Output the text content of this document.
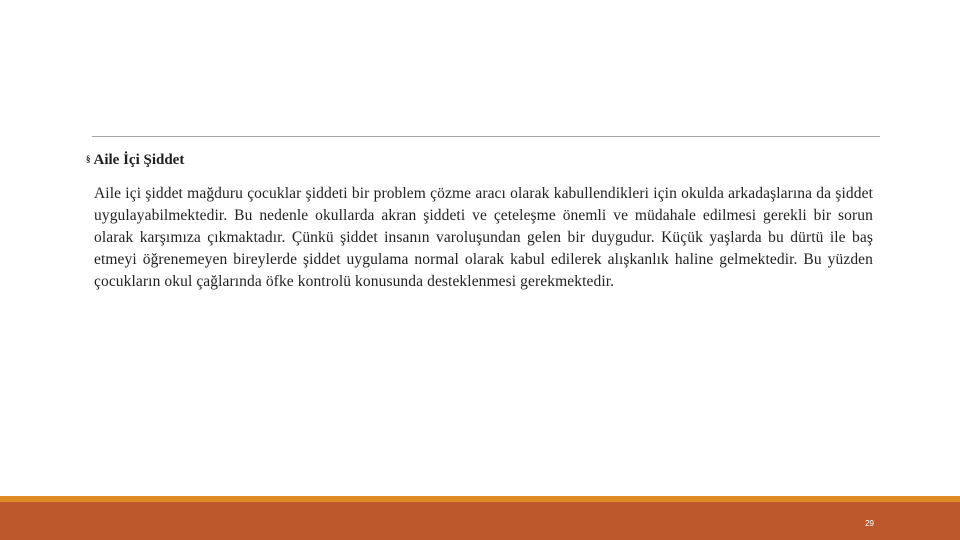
§ Aile İçi Şiddet

Aile içi şiddet mağduru çocuklar şiddeti bir problem çözme aracı olarak kabullendikleri için okulda arkadaşlarına da şiddet uygulayabilmektedir. Bu nedenle okullarda akran şiddeti ve çeteleşme önemli ve müdahale edilmesi gerekli bir sorun olarak karşımıza çıkmaktadır. Çünkü şiddet insanın varoluşundan gelen bir duygudur. Küçük yaşlarda bu dürtü ile baş etmeyi öğrenemeyen bireylerde şiddet uygulama normal olarak kabul edilerek alışkanlık haline gelmektedir. Bu yüzden çocukların okul çağlarında öfke kontrolü konusunda desteklenmesi gerekmektedir.

29
